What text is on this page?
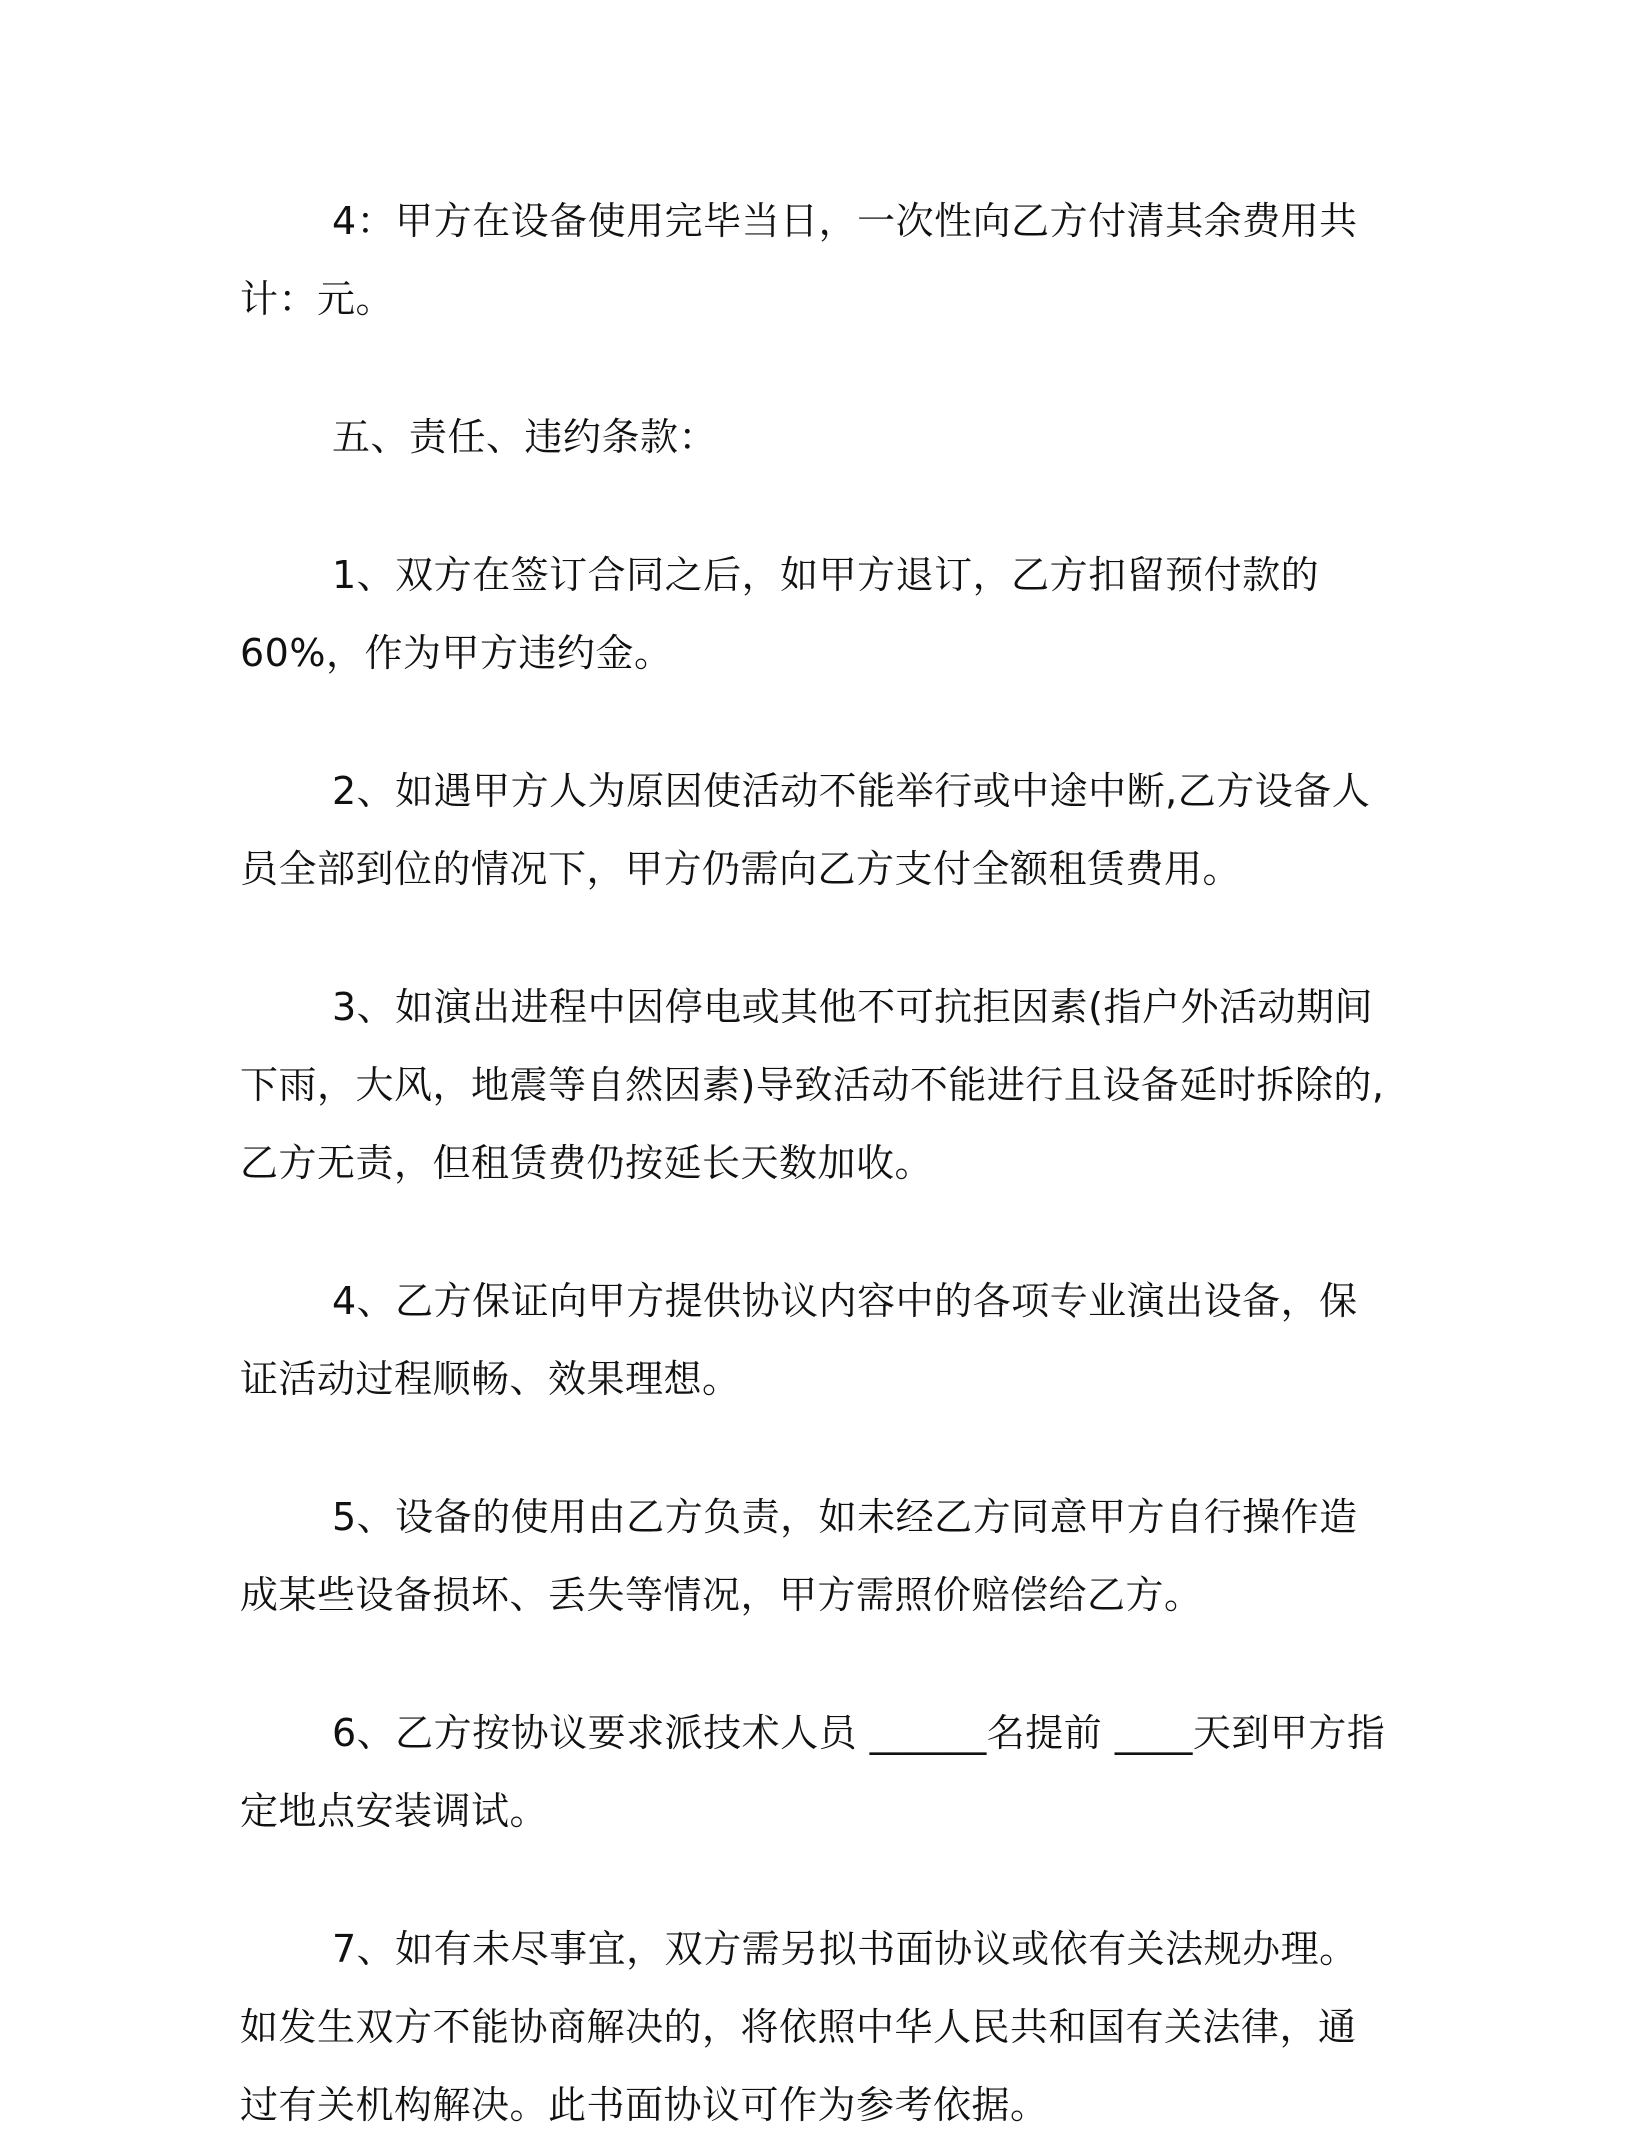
4：甲方在设备使用完毕当日，一次性向乙方付清其余费用共计：元。

五、责任、违约条款：

1、双方在签订合同之后，如甲方退订，乙方扣留预付款的 60%，作为甲方违约金。

2、如遇甲方人为原因使活动不能举行或中途中断,乙方设备人员全部到位的情况下，甲方仍需向乙方支付全额租赁费用。

3、如演出进程中因停电或其他不可抗拒因素(指户外活动期间下雨，大风，地震等自然因素)导致活动不能进行且设备延时拆除的,乙方无责，但租赁费仍按延长天数加收。

4、乙方保证向甲方提供协议内容中的各项专业演出设备，保证活动过程顺畅、效果理想。

5、设备的使用由乙方负责，如未经乙方同意甲方自行操作造成某些设备损坏、丢失等情况，甲方需照价赔偿给乙方。

6、乙方按协议要求派技术人员 ______名提前 ____天到甲方指定地点安装调试。

7、如有未尽事宜，双方需另拟书面协议或依有关法规办理。如发生双方不能协商解决的，将依照中华人民共和国有关法律，通过有关机构解决。此书面协议可作为参考依据。
